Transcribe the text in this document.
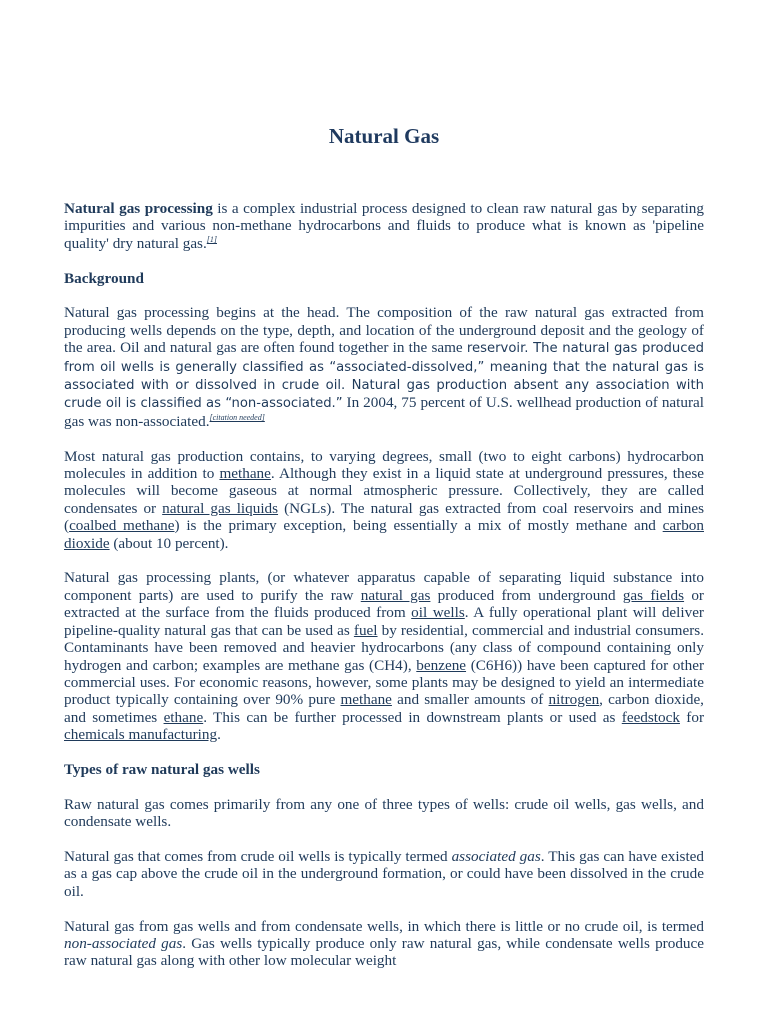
Natural Gas

Natural gas processing is a complex industrial process designed to clean raw natural gas by separating impurities and various non-methane hydrocarbons and fluids to produce what is known as 'pipeline quality' dry natural gas.[1]

Background

Natural gas processing begins at the head. The composition of the raw natural gas extracted from producing wells depends on the type, depth, and location of the underground deposit and the geology of the area. Oil and natural gas are often found together in the same reservoir. The natural gas produced from oil wells is generally classified as “associated-dissolved,” meaning that the natural gas is associated with or dissolved in crude oil. Natural gas production absent any association with crude oil is classified as “non-associated.” In 2004, 75 percent of U.S. wellhead production of natural gas was non-associated.[citation needed]

Most natural gas production contains, to varying degrees, small (two to eight carbons) hydrocarbon molecules in addition to methane. Although they exist in a liquid state at underground pressures, these molecules will become gaseous at normal atmospheric pressure. Collectively, they are called condensates or natural gas liquids (NGLs). The natural gas extracted from coal reservoirs and mines (coalbed methane) is the primary exception, being essentially a mix of mostly methane and carbon dioxide (about 10 percent).

Natural gas processing plants, (or whatever apparatus capable of separating liquid substance into component parts) are used to purify the raw natural gas produced from underground gas fields or extracted at the surface from the fluids produced from oil wells. A fully operational plant will deliver pipeline-quality natural gas that can be used as fuel by residential, commercial and industrial consumers. Contaminants have been removed and heavier hydrocarbons (any class of compound containing only hydrogen and carbon; examples are methane gas (CH4), benzene (C6H6)) have been captured for other commercial uses. For economic reasons, however, some plants may be designed to yield an intermediate product typically containing over 90% pure methane and smaller amounts of nitrogen, carbon dioxide, and sometimes ethane. This can be further processed in downstream plants or used as feedstock for chemicals manufacturing.

Types of raw natural gas wells

Raw natural gas comes primarily from any one of three types of wells: crude oil wells, gas wells, and condensate wells.

Natural gas that comes from crude oil wells is typically termed associated gas. This gas can have existed as a gas cap above the crude oil in the underground formation, or could have been dissolved in the crude oil.

Natural gas from gas wells and from condensate wells, in which there is little or no crude oil, is termed non-associated gas. Gas wells typically produce only raw natural gas, while condensate wells produce raw natural gas along with other low molecular weight
